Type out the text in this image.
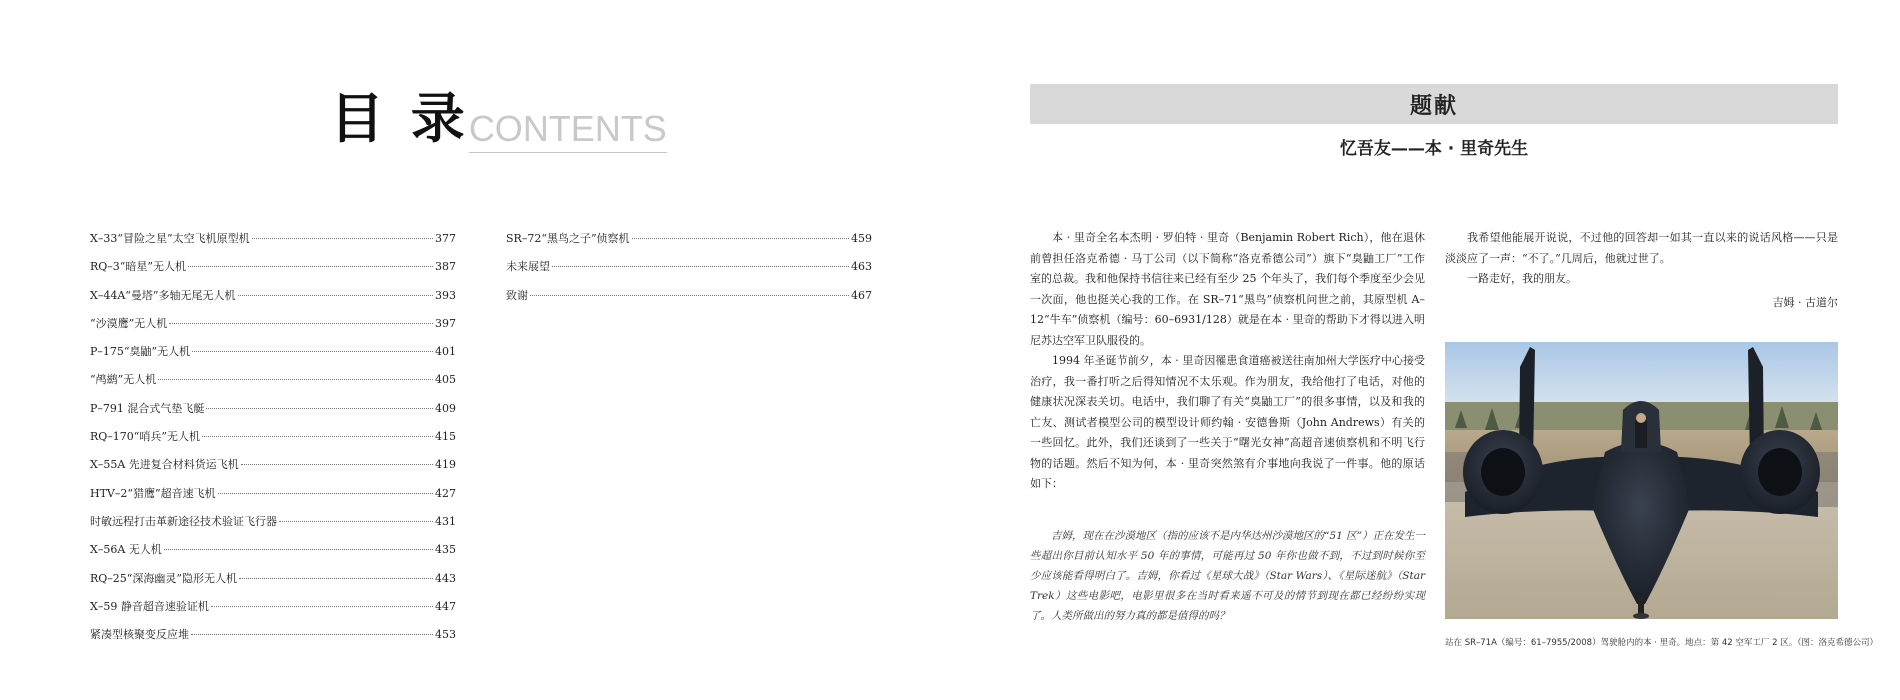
目 录CONTENTS
X–33“冒险之星”太空飞机原型机	377
RQ–3“暗星”无人机	387
X–44A“曼塔”多轴无尾无人机	393
“沙漠鹰”无人机	397
P–175“臭鼬”无人机	401
“鸬鹚”无人机	405
P–791 混合式气垫飞艇	409
RQ–170“哨兵”无人机	415
X–55A 先进复合材料货运飞机	419
HTV–2“猎鹰”超音速飞机	427
时敏远程打击革新途径技术验证飞行器	431
X–56A 无人机	435
RQ–25“深海幽灵”隐形无人机	443
X–59 静音超音速验证机	447
紧凑型核聚变反应堆	453
SR–72“黑鸟之子”侦察机	459
未来展望	463
致谢	467
题献
忆吾友——本 · 里奇先生

本 · 里奇全名本杰明 · 罗伯特 · 里奇（Benjamin Robert Rich），他在退休前曾担任洛克希德 · 马丁公司（以下简称“洛克希德公司”）旗下“臭鼬工厂”工作室的总裁。我和他保持书信往来已经有至少 25 个年头了，我们每个季度至少会见一次面，他也挺关心我的工作。在 SR–71“黑鸟”侦察机问世之前，其原型机 A–12“牛车”侦察机（编号：60–6931/128）就是在本 · 里奇的帮助下才得以进入明尼苏达空军卫队服役的。

1994 年圣诞节前夕，本 · 里奇因罹患食道癌被送往南加州大学医疗中心接受治疗，我一番打听之后得知情况不太乐观。作为朋友，我给他打了电话，对他的健康状况深表关切。电话中，我们聊了有关“臭鼬工厂”的很多事情，以及和我的亡友、测试者模型公司的模型设计师约翰 · 安德鲁斯（John Andrews）有关的一些回忆。此外，我们还谈到了一些关于“曙光女神”高超音速侦察机和不明飞行物的话题。然后不知为何，本 · 里奇突然煞有介事地向我说了一件事。他的原话如下：

吉姆，现在在沙漠地区（指的应该不是内华达州沙漠地区的“51 区”）正在发生一些超出你目前认知水平 50 年的事情，可能再过 50 年你也做不到，不过到时候你至少应该能看得明白了。吉姆，你看过《星球大战》（Star Wars）、《星际迷航》（Star Trek）这些电影吧，电影里很多在当时看来遥不可及的情节到现在都已经纷纷实现了。人类所做出的努力真的都是值得的吗？

我希望他能展开说说，不过他的回答却一如其一直以来的说话风格——只是淡淡应了一声：“不了。”几周后，他就过世了。

一路走好，我的朋友。

吉姆 · 古道尔
站在 SR–71A（编号：61–7955/2008）驾驶舱内的本 · 里奇。地点：第 42 空军工厂 2 区。（图：洛克希德公司）
